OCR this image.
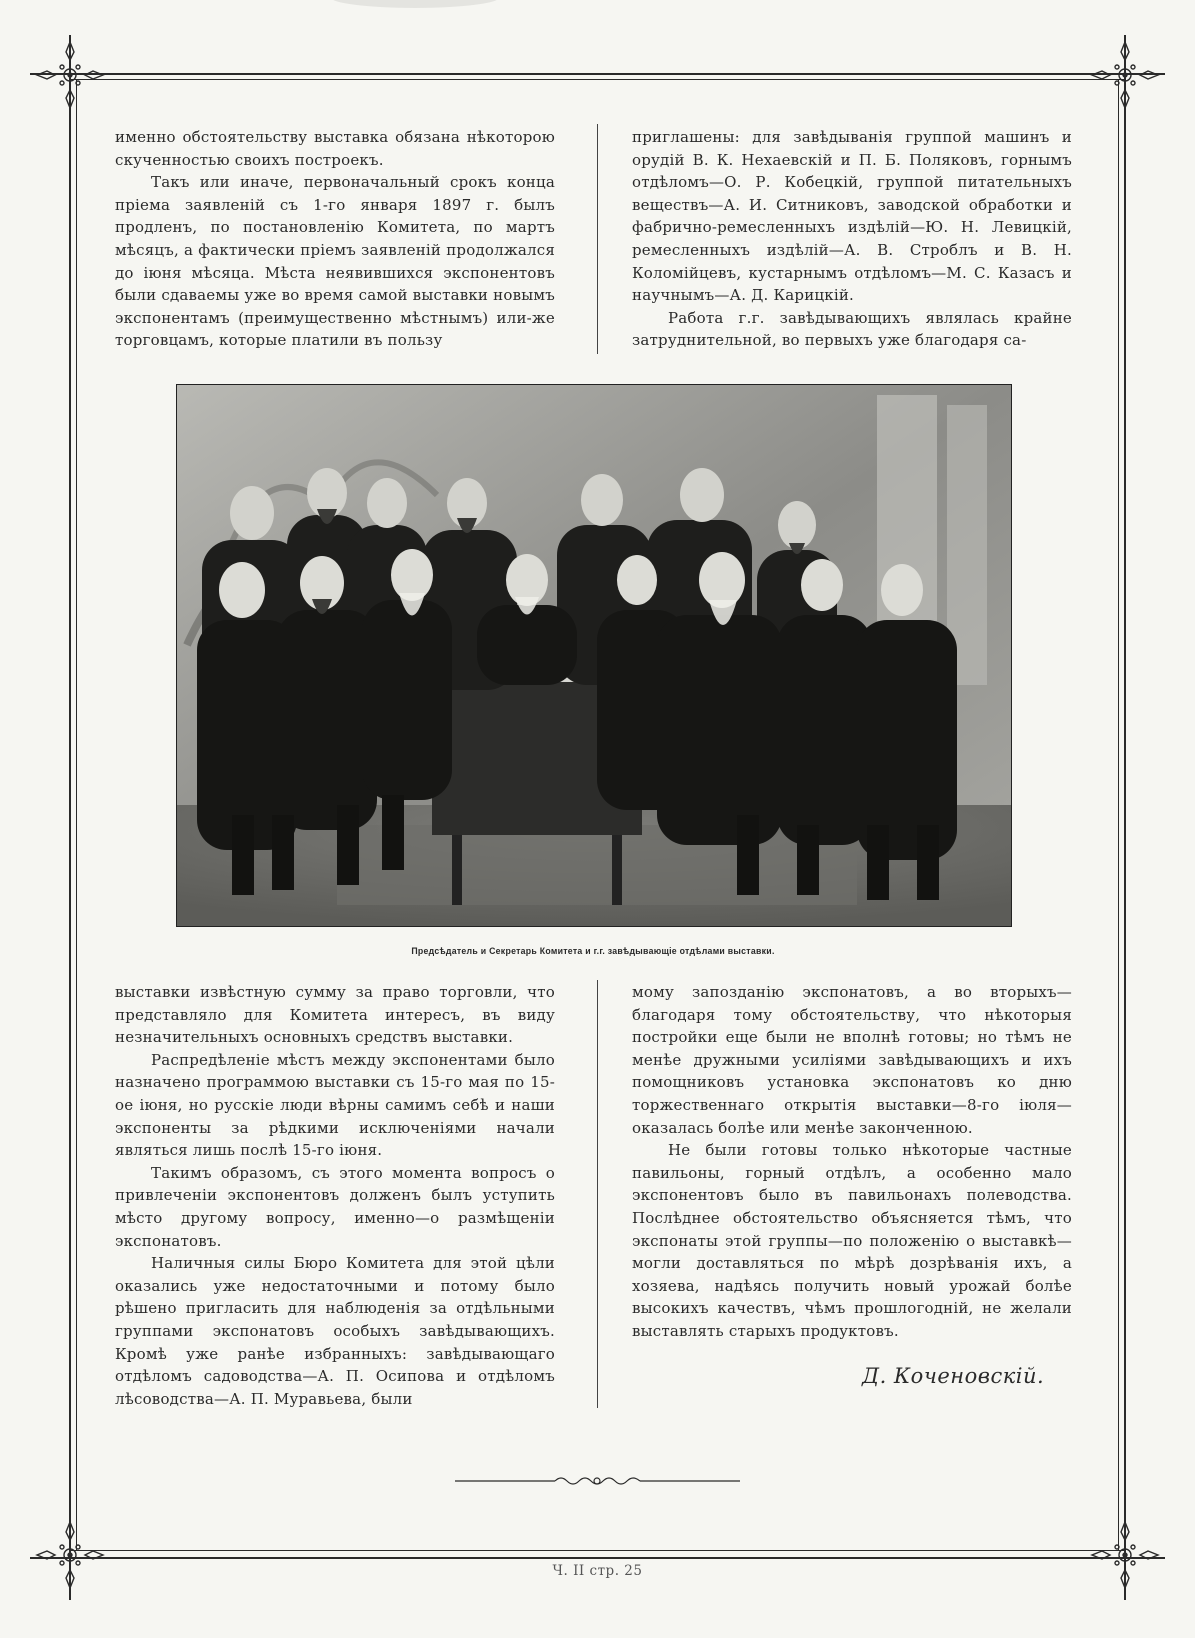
именно обстоятельству выставка обязана нѣкоторою скученностью своихъ построекъ.

Такъ или иначе, первоначальный срокъ конца пріема заявленій съ 1-го января 1897 г. былъ продленъ, по постановленію Комитета, по мартъ мѣсяцъ, а фактически пріемъ заявленій продолжался до іюня мѣсяца. Мѣста неявившихся экспонентовъ были сдаваемы уже во время самой выставки новымъ экспонентамъ (преимущественно мѣстнымъ) или-же торговцамъ, которые платили въ пользу

приглашены: для завѣдыванія группой машинъ и орудій В. К. Нехаевскій и П. Б. Поляковъ, горнымъ отдѣломъ—О. Р. Кобецкій, группой питательныхъ веществъ—А. И. Ситниковъ, заводской обработки и фабрично-ремесленныхъ издѣлій—Ю. Н. Левицкій, ремесленныхъ издѣлій—А. В. Строблъ и В. Н. Коломійцевъ, кустарнымъ отдѣломъ—М. С. Казасъ и научнымъ—А. Д. Карицкій.

Работа г.г. завѣдывающихъ являлась крайне затруднительной, во первыхъ уже благодаря са-

Предсѣдатель и Секретарь Комитета и г.г. завѣдывающіе отдѣлами выставки.

выставки извѣстную сумму за право торговли, что представляло для Комитета интересъ, въ виду незначительныхъ основныхъ средствъ выставки.

Распредѣленіе мѣстъ между экспонентами было назначено программою выставки съ 15-го мая по 15-ое іюня, но русскіе люди вѣрны самимъ себѣ и наши экспоненты за рѣдкими исключеніями начали являться лишь послѣ 15-го іюня.

Такимъ образомъ, съ этого момента вопросъ о привлеченіи экспонентовъ долженъ былъ уступить мѣсто другому вопросу, именно—о размѣщеніи экспонатовъ.

Наличныя силы Бюро Комитета для этой цѣли оказались уже недостаточными и потому было рѣшено пригласить для наблюденія за отдѣльными группами экспонатовъ особыхъ завѣдывающихъ. Кромѣ уже ранѣе избранныхъ: завѣдывающаго отдѣломъ садоводства—А. П. Осипова и отдѣломъ лѣсоводства—А. П. Муравьева, были

мому запозданію экспонатовъ, а во вторыхъ—благодаря тому обстоятельству, что нѣкоторыя постройки еще были не вполнѣ готовы; но тѣмъ не менѣе дружными усиліями завѣдывающихъ и ихъ помощниковъ установка экспонатовъ ко дню торжественнаго открытія выставки—8-го іюля—оказалась болѣе или менѣе законченною.

Не были готовы только нѣкоторые частные павильоны, горный отдѣлъ, а особенно мало экспонентовъ было въ павильонахъ полеводства. Послѣднее обстоятельство объясняется тѣмъ, что экспонаты этой группы—по положенію о выставкѣ—могли доставляться по мѣрѣ дозрѣванія ихъ, а хозяева, надѣясь получить новый урожай болѣе высокихъ качествъ, чѣмъ прошлогодній, не желали выставлять старыхъ продуктовъ.

Д. Коченовскій.
Ч. II стр. 25
